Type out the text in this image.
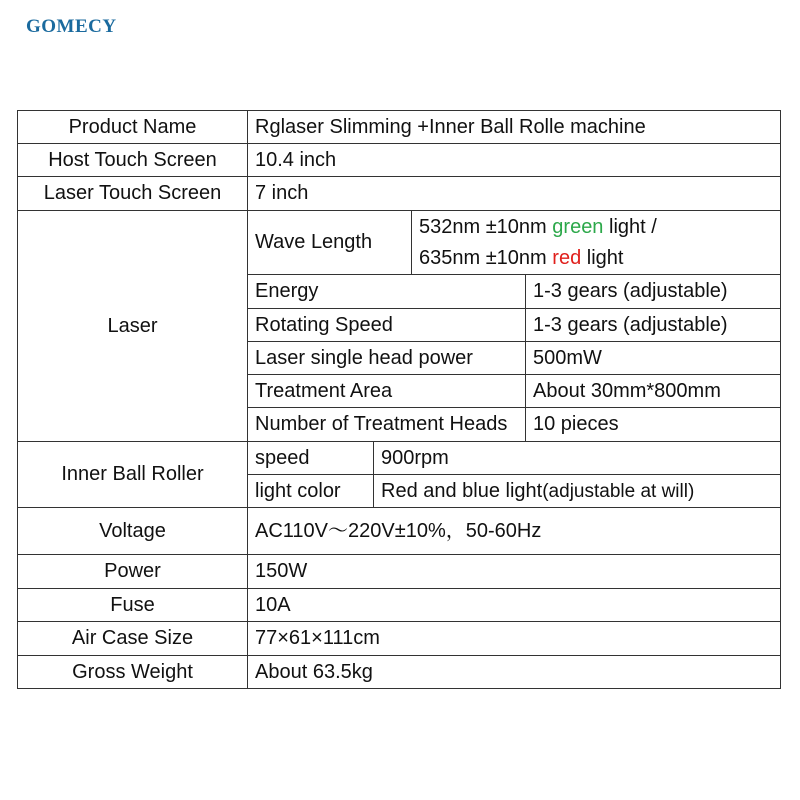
GOMECY
Product Name	Rglaser Slimming +Inner Ball Rolle machine			
Host Touch Screen	10.4 inch			
Laser Touch Screen	7 inch			
Laser	Wave Length		532nm ±10nm green light /
635nm ±10nm red light	
	Energy			1-3 gears (adjustable)
	Rotating Speed			1-3 gears (adjustable)
	Laser single head power			500mW
	Treatment Area			About 30mm*800mm
	Number of Treatment Heads			10 pieces
Inner Ball Roller	speed	900rpm		
	light color	Red and blue light(adjustable at will)		
Voltage	AC110V～220V±10%，50-60Hz			
Power	150W			
Fuse	10A			
Air Case Size	77×61×111cm			
Gross Weight	About 63.5kg			
